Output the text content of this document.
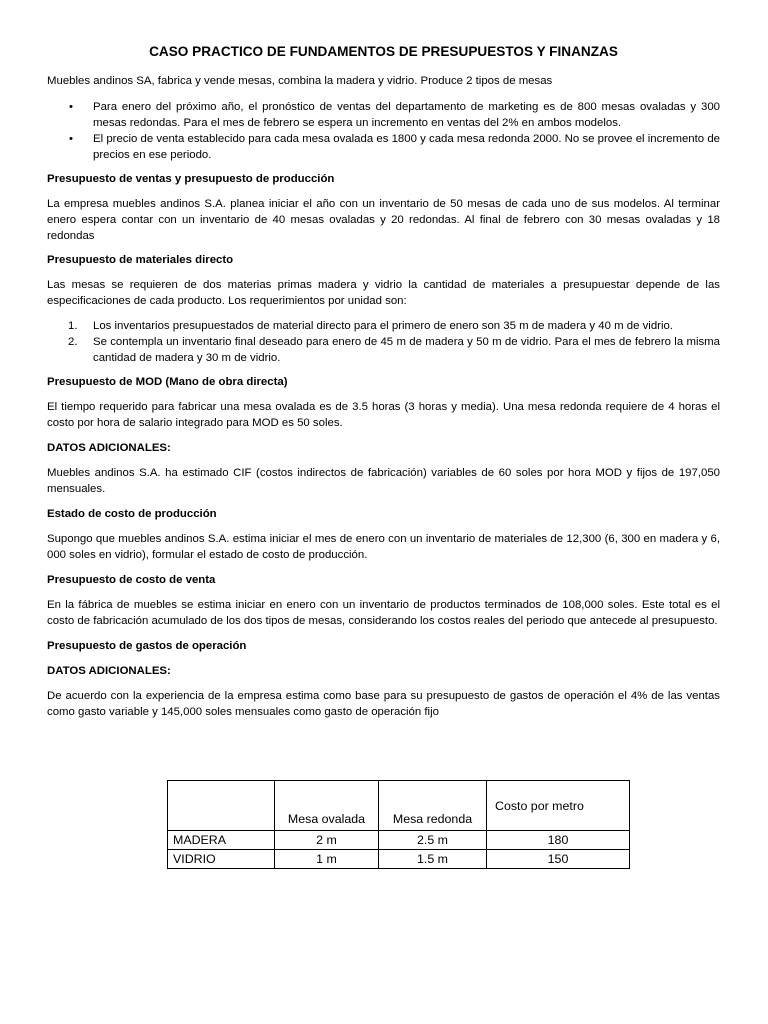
CASO PRACTICO DE FUNDAMENTOS DE PRESUPUESTOS Y FINANZAS

Muebles andinos SA, fabrica y vende mesas, combina la madera y vidrio. Produce 2 tipos de mesas

• Para enero del próximo año, el pronóstico de ventas del departamento de marketing es de 800 mesas ovaladas y 300 mesas redondas. Para el mes de febrero se espera un incremento en ventas del 2% en ambos modelos.
• El precio de venta establecido para cada mesa ovalada es 1800 y cada mesa redonda 2000. No se provee el incremento de precios en ese periodo.
Presupuesto de ventas y presupuesto de producción

La empresa muebles andinos S.A. planea iniciar el año con un inventario de 50 mesas de cada uno de sus modelos. Al terminar enero espera contar con un inventario de 40 mesas ovaladas y 20 redondas. Al final de febrero con 30 mesas ovaladas y 18 redondas

Presupuesto de materiales directo

Las mesas se requieren de dos materias primas madera y vidrio la cantidad de materiales a presupuestar depende de las especificaciones de cada producto. Los requerimientos por unidad son:

1. Los inventarios presupuestados de material directo para el primero de enero son 35 m de madera y 40 m de vidrio.
2. Se contempla un inventario final deseado para enero de 45 m de madera y 50 m de vidrio. Para el mes de febrero la misma cantidad de madera y 30 m de vidrio.
Presupuesto de MOD (Mano de obra directa)

El tiempo requerido para fabricar una mesa ovalada es de 3.5 horas (3 horas y media). Una mesa redonda requiere de 4 horas el costo por hora de salario integrado para MOD es 50 soles.

DATOS ADICIONALES:

Muebles andinos S.A. ha estimado CIF (costos indirectos de fabricación) variables de 60 soles por hora MOD y fijos de 197,050 mensuales.

Estado de costo de producción

Supongo que muebles andinos S.A. estima iniciar el mes de enero con un inventario de materiales de 12,300 (6, 300 en madera y 6, 000 soles en vidrio), formular el estado de costo de producción.

Presupuesto de costo de venta

En la fábrica de muebles se estima iniciar en enero con un inventario de productos terminados de 108,000 soles. Este total es el costo de fabricación acumulado de los dos tipos de mesas, considerando los costos reales del periodo que antecede al presupuesto.

Presupuesto de gastos de operación
DATOS ADICIONALES:

De acuerdo con la experiencia de la empresa estima como base para su presupuesto de gastos de operación el 4% de las ventas como gasto variable y 145,000 soles mensuales como gasto de operación fijo

	Mesa ovalada	Mesa redonda	Costo por metro
MADERA	2 m	2.5 m	180
VIDRIO	1 m	1.5 m	150
